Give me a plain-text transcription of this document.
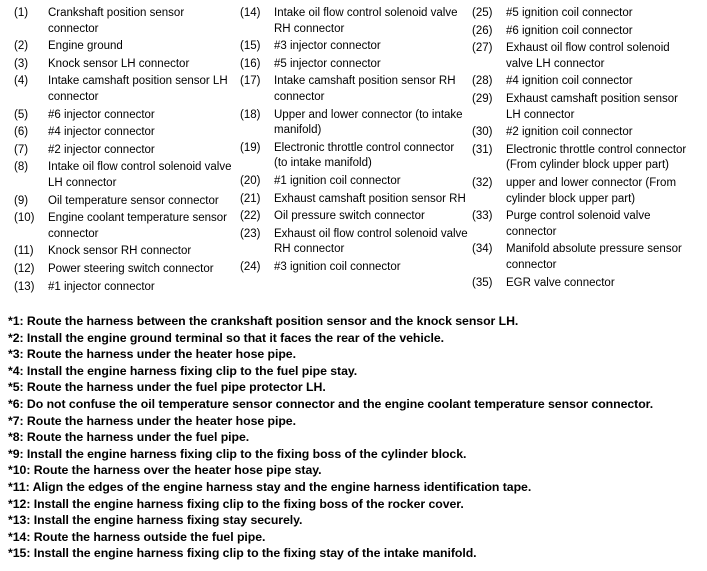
(1)	Crankshaft position sensor connector
(2)	Engine ground
(3)	Knock sensor LH connector
(4)	Intake camshaft position sensor LH connector
(5)	#6 injector connector
(6)	#4 injector connector
(7)	#2 injector connector
(8)	Intake oil flow control solenoid valve LH connector
(9)	Oil temperature sensor connector
(10)	Engine coolant temperature sensor connector
(11)	Knock sensor RH connector
(12)	Power steering switch connector
(13)	#1 injector connector
(14)	Intake oil flow control solenoid valve RH connector
(15)	#3 injector connector
(16)	#5 injector connector
(17)	Intake camshaft position sensor RH connector
(18)	Upper and lower connector (to intake manifold)
(19)	Electronic throttle control connector (to intake manifold)
(20)	#1 ignition coil connector
(21)	Exhaust camshaft position sensor RH
(22)	Oil pressure switch connector
(23)	Exhaust oil flow control solenoid valve RH connector
(24)	#3 ignition coil connector
(25)	#5 ignition coil connector
(26)	#6 ignition coil connector
(27)	Exhaust oil flow control solenoid valve LH connector
(28)	#4 ignition coil connector
(29)	Exhaust camshaft position sensor LH connector
(30)	#2 ignition coil connector
(31)	Electronic throttle control connector (From cylinder block upper part)
(32)	upper and lower connector (From cylinder block upper part)
(33)	Purge control solenoid valve connector
(34)	Manifold absolute pressure sensor connector
(35)	EGR valve connector
*1: Route the harness between the crankshaft position sensor and the knock sensor LH.
*2: Install the engine ground terminal so that it faces the rear of the vehicle.
*3: Route the harness under the heater hose pipe.
*4: Install the engine harness fixing clip to the fuel pipe stay.
*5: Route the harness under the fuel pipe protector LH.
*6: Do not confuse the oil temperature sensor connector and the engine coolant temperature sensor connector.
*7: Route the harness under the heater hose pipe.
*8: Route the harness under the fuel pipe.
*9: Install the engine harness fixing clip to the fixing boss of the cylinder block.
*10: Route the harness over the heater hose pipe stay.
*11: Align the edges of the engine harness stay and the engine harness identification tape.
*12: Install the engine harness fixing clip to the fixing boss of the rocker cover.
*13: Install the engine harness fixing stay securely.
*14: Route the harness outside the fuel pipe.
*15: Install the engine harness fixing clip to the fixing stay of the intake manifold.
